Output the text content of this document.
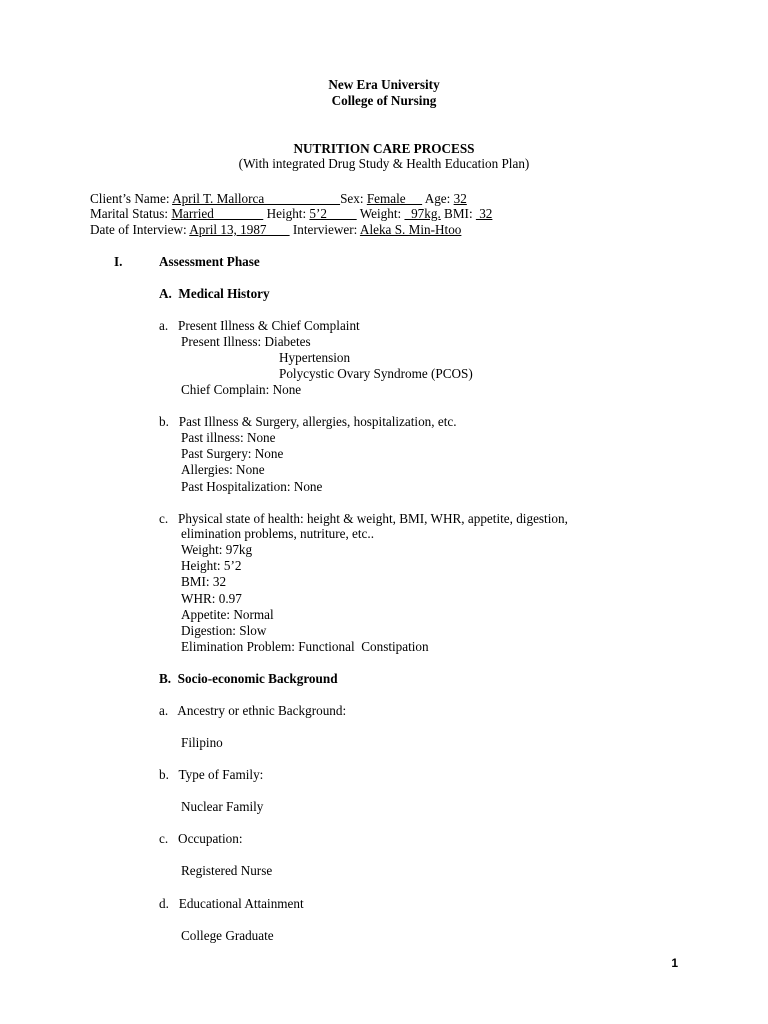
New Era University
College of Nursing
NUTRITION CARE PROCESS
(With integrated Drug Study & Health Education Plan)
Client’s Name: April T. Mallorca                       Sex: Female      Age: 32
Marital Status: Married                Height: 5’2          Weight:   97kg. BMI:  32
Date of Interview: April 13, 1987        Interviewer: Aleka S. Min-Htoo
I.	Assessment Phase
A.  Medical History
a.   Present Illness & Chief Complaint
Present Illness: Diabetes
Hypertension
Polycystic Ovary Syndrome (PCOS)
Chief Complain: None
b.   Past Illness & Surgery, allergies, hospitalization, etc.
Past illness: None
Past Surgery: None
Allergies: None
Past Hospitalization: None
c.   Physical state of health: height & weight, BMI, WHR, appetite, digestion,
elimination problems, nutriture, etc..
Weight: 97kg
Height: 5’2
BMI: 32
WHR: 0.97
Appetite: Normal
Digestion: Slow
Elimination Problem: Functional  Constipation
B.  Socio-economic Background
a.   Ancestry or ethnic Background:
Filipino
b.   Type of Family:
Nuclear Family
c.   Occupation:
Registered Nurse
d.   Educational Attainment
College Graduate
1
